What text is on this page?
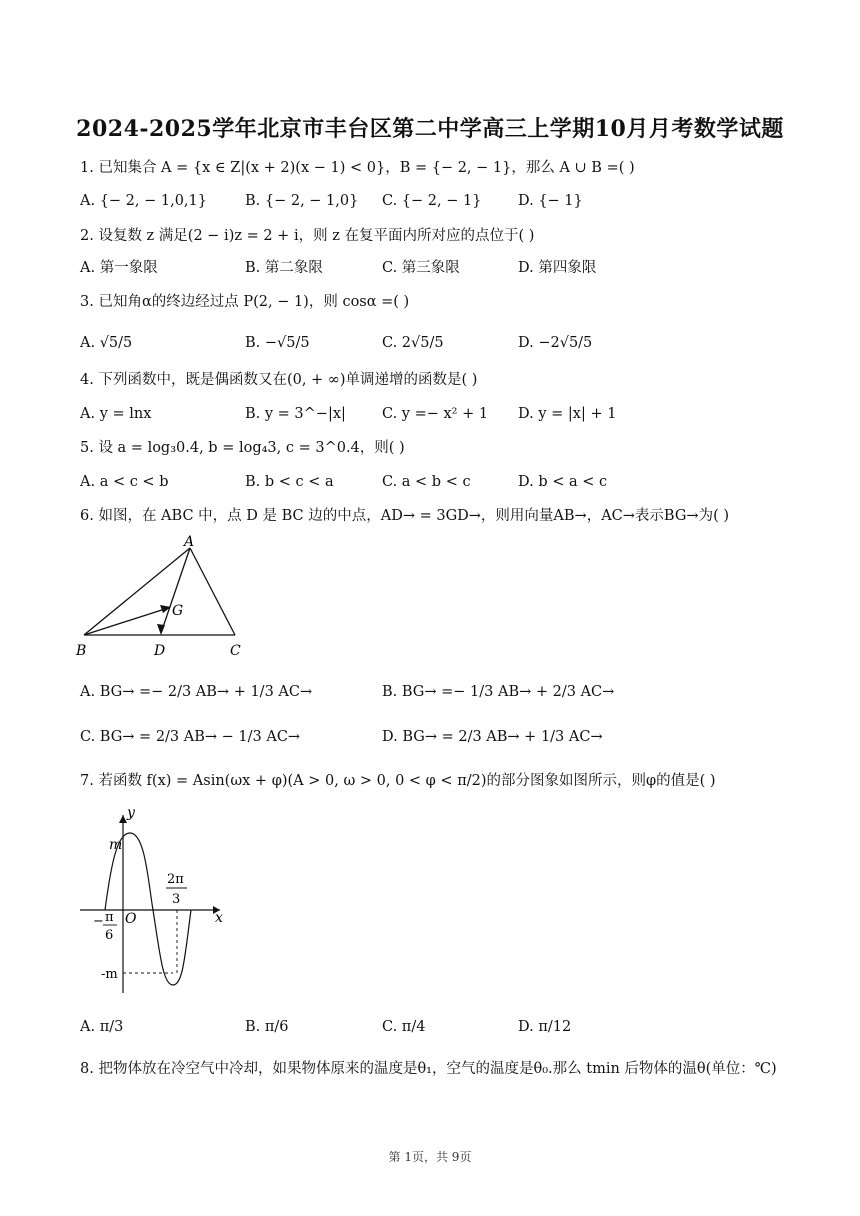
2024-2025学年北京市丰台区第二中学高三上学期10月月考数学试题
1. 已知集合 A = {x ∈ Z|(x + 2)(x − 1) < 0}，B = {− 2, − 1}，那么 A ∪ B =( )
A. {− 2, − 1,0,1}	B. {− 2, − 1,0} C. {− 2, − 1}	D. {− 1}
2. 设复数 z 满足(2 − i)z = 2 + i，则 z 在复平面内所对应的点位于( )
A. 第一象限	B. 第二象限	C. 第三象限	D. 第四象限
3. 已知角α的终边经过点 P(2, − 1)，则 cosα =( )
A. √5/5	B. −√5/5	C. 2√5/5	D. −2√5/5
4. 下列函数中，既是偶函数又在(0, + ∞)单调递增的函数是( )
A. y = lnx	B. y = 3^−|x| C. y =− x² + 1 D. y = |x| + 1
5. 设 a = log₃0.4, b = log₄3, c = 3^0.4，则( )
A. a < c < b	B. b < c < a	C. a < b < c	D. b < a < c
6. 如图，在 ABC 中，点 D 是 BC 边的中点，AD→ = 3GD→，则用向量AB→，AC→表示BG→为( )
A
B	C
D
G
A. BG→ =− 2/3 AB→ + 1/3 AC→	B. BG→ =− 1/3 AB→ + 2/3 AC→
C. BG→ = 2/3 AB→ − 1/3 AC→	D. BG→ = 2/3 AB→ + 1/3 AC→
7. 若函数 f(x) = Asin(ωx + φ)(A > 0, ω > 0, 0 < φ < π/2)的部分图象如图所示，则φ的值是( )
y
x
O
m
-m
2π
3
− π
6
A. π/3	B. π/6	C. π/4	D. π/12
8. 把物体放在冷空气中冷却，如果物体原来的温度是θ₁，空气的温度是θ₀.那么 tmin 后物体的温θ(单位：℃)
第 1页，共 9页
